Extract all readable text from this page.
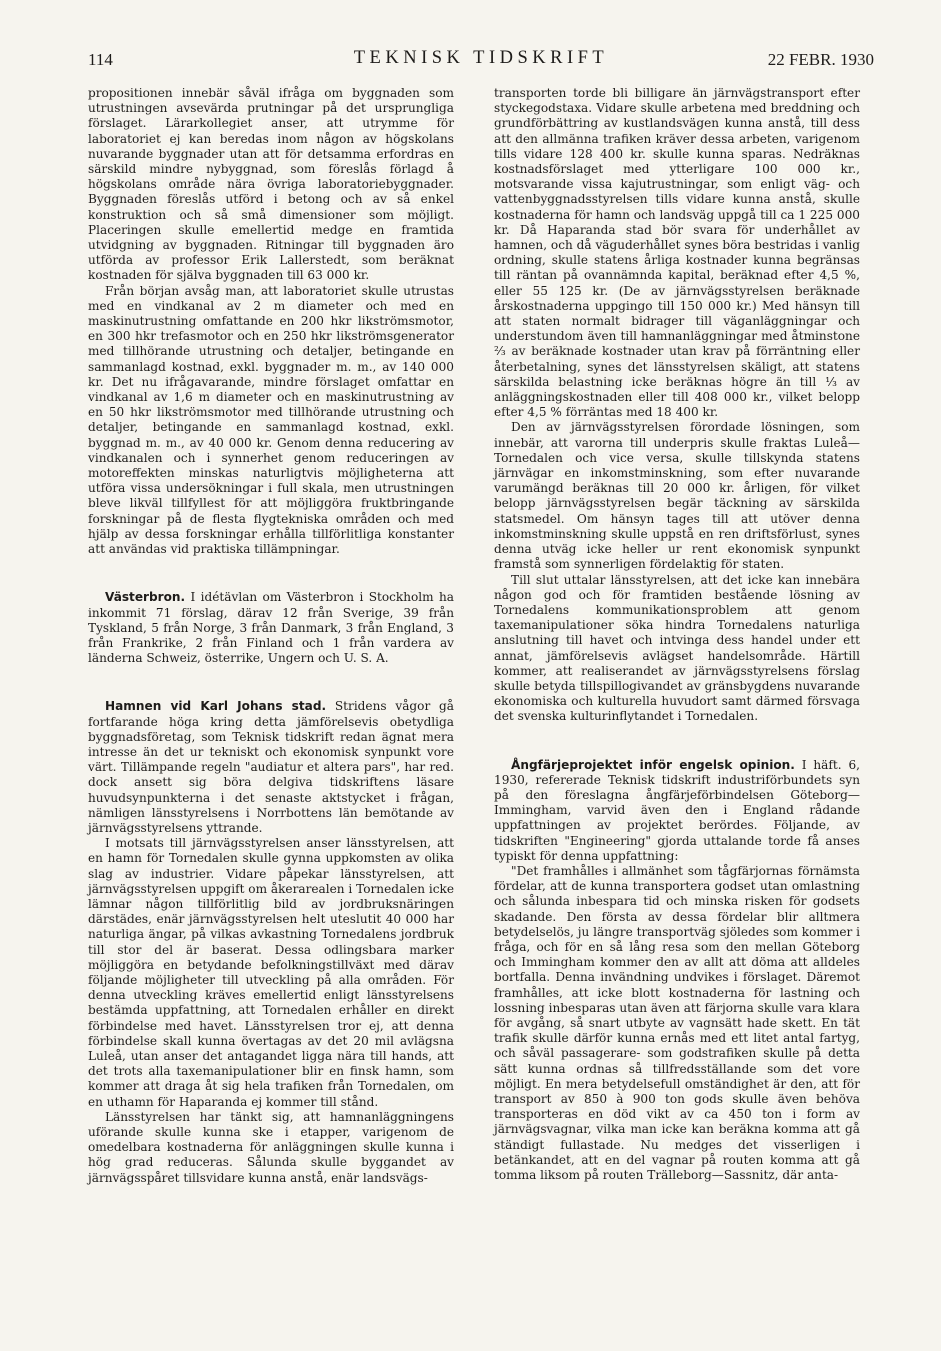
114	TEKNISK TIDSKRIFT	22 FEBR. 1930

propositionen innebär såväl ifråga om byggnaden som utrustningen avsevärda prutningar på det ursprungliga förslaget. Lärarkollegiet anser, att utrymme för laboratoriet ej kan beredas inom någon av högskolans nuvarande byggnader utan att för detsamma erfordras en särskild mindre nybyggnad, som föreslås förlagd å högskolans område nära övriga laboratoriebyggnader. Byggnaden föreslås utförd i betong och av så enkel konstruktion och så små dimensioner som möjligt. Placeringen skulle emellertid medge en framtida utvidgning av byggnaden. Ritningar till byggnaden äro utförda av professor Erik Lallerstedt, som beräknat kostnaden för själva byggnaden till 63 000 kr.

Från början avsåg man, att laboratoriet skulle utrustas med en vindkanal av 2 m diameter och med en maskinutrustning omfattande en 200 hkr likströmsmotor, en 300 hkr trefasmotor och en 250 hkr likströmsgenerator med tillhörande utrustning och detaljer, betingande en sammanlagd kostnad, exkl. byggnader m. m., av 140 000 kr. Det nu ifrågavarande, mindre förslaget omfattar en vindkanal av 1,6 m diameter och en maskinutrustning av en 50 hkr likströmsmotor med tillhörande utrustning och detaljer, betingande en sammanlagd kostnad, exkl. byggnad m. m., av 40 000 kr. Genom denna reducering av vindkanalen och i synnerhet genom reduceringen av motoreffekten minskas naturligtvis möjligheterna att utföra vissa undersökningar i full skala, men utrustningen bleve likväl tillfyllest för att möjliggöra fruktbringande forskningar på de flesta flygtekniska områden och med hjälp av dessa forskningar erhålla tillförlitliga konstanter att användas vid praktiska tillämpningar.

Västerbron. I idétävlan om Västerbron i Stockholm ha inkommit 71 förslag, därav 12 från Sverige, 39 från Tyskland, 5 från Norge, 3 från Danmark, 3 från England, 3 från Frankrike, 2 från Finland och 1 från vardera av länderna Schweiz, österrike, Ungern och U. S. A.

Hamnen vid Karl Johans stad. Stridens vågor gå fortfarande höga kring detta jämförelsevis obetydliga byggnadsföretag, som Teknisk tidskrift redan ägnat mera intresse än det ur tekniskt och ekonomisk synpunkt vore värt. Tillämpande regeln "audiatur et altera pars", har red. dock ansett sig böra delgiva tidskriftens läsare huvudsynpunkterna i det senaste aktstycket i frågan, nämligen länsstyrelsens i Norrbottens län bemötande av järnvägsstyrelsens yttrande.

I motsats till järnvägsstyrelsen anser länsstyrelsen, att en hamn för Tornedalen skulle gynna uppkomsten av olika slag av industrier. Vidare påpekar länsstyrelsen, att järnvägsstyrelsen uppgift om åkerarealen i Tornedalen icke lämnar någon tillförlitlig bild av jordbruksnäringen därstädes, enär järnvägsstyrelsen helt uteslutit 40 000 har naturliga ängar, på vilkas avkastning Tornedalens jordbruk till stor del är baserat. Dessa odlingsbara marker möjliggöra en betydande befolkningstillväxt med därav följande möjligheter till utveckling på alla områden. För denna utveckling kräves emellertid enligt länsstyrelsens bestämda uppfattning, att Tornedalen erhåller en direkt förbindelse med havet. Länsstyrelsen tror ej, att denna förbindelse skall kunna övertagas av det 20 mil avlägsna Luleå, utan anser det antagandet ligga nära till hands, att det trots alla taxemanipulationer blir en finsk hamn, som kommer att draga åt sig hela trafiken från Tornedalen, om en uthamn för Haparanda ej kommer till stånd.

Länsstyrelsen har tänkt sig, att hamnanläggningens uförande skulle kunna ske i etapper, varigenom de omedelbara kostnaderna för anläggningen skulle kunna i hög grad reduceras. Sålunda skulle byggandet av järnvägsspåret tillsvidare kunna anstå, enär landsvägs-

transporten torde bli billigare än järnvägstransport efter styckegodstaxa. Vidare skulle arbetena med breddning och grundförbättring av kustlandsvägen kunna anstå, till dess att den allmänna trafiken kräver dessa arbeten, varigenom tills vidare 128 400 kr. skulle kunna sparas. Nedräknas kostnadsförslaget med ytterligare 100 000 kr., motsvarande vissa kajutrustningar, som enligt väg- och vattenbyggnadsstyrelsen tills vidare kunna anstå, skulle kostnaderna för hamn och landsväg uppgå till ca 1 225 000 kr. Då Haparanda stad bör svara för underhållet av hamnen, och då väguderhållet synes böra bestridas i vanlig ordning, skulle statens årliga kostnader kunna begränsas till räntan på ovannämnda kapital, beräknad efter 4,5 %, eller 55 125 kr. (De av järnvägsstyrelsen beräknade årskostnaderna uppgingo till 150 000 kr.) Med hänsyn till att staten normalt bidrager till väganläggningar och understundom även till hamnanläggningar med åtminstone ⅔ av beräknade kostnader utan krav på förräntning eller återbetalning, synes det länsstyrelsen skäligt, att statens särskilda belastning icke beräknas högre än till ⅓ av anläggningskostnaden eller till 408 000 kr., vilket belopp efter 4,5 % förräntas med 18 400 kr.

Den av järnvägsstyrelsen förordade lösningen, som innebär, att varorna till underpris skulle fraktas Luleå—Tornedalen och vice versa, skulle tillskynda statens järnvägar en inkomstminskning, som efter nuvarande varumängd beräknas till 20 000 kr. årligen, för vilket belopp järnvägsstyrelsen begär täckning av särskilda statsmedel. Om hänsyn tages till att utöver denna inkomstminskning skulle uppstå en ren driftsförlust, synes denna utväg icke heller ur rent ekonomisk synpunkt framstå som synnerligen fördelaktig för staten.

Till slut uttalar länsstyrelsen, att det icke kan innebära någon god och för framtiden bestående lösning av Tornedalens kommunikationsproblem att genom taxemanipulationer söka hindra Tornedalens naturliga anslutning till havet och intvinga dess handel under ett annat, jämförelsevis avlägset handelsområde. Härtill kommer, att realiserandet av järnvägsstyrelsens förslag skulle betyda tillspillogivandet av gränsbygdens nuvarande ekonomiska och kulturella huvudort samt därmed försvaga det svenska kulturinflytandet i Tornedalen.

Ångfärjeprojektet inför engelsk opinion. I häft. 6, 1930, refererade Teknisk tidskrift industriförbundets syn på den föreslagna ångfärjeförbindelsen Göteborg—Immingham, varvid även den i England rådande uppfattningen av projektet berördes. Följande, av tidskriften "Engineering" gjorda uttalande torde få anses typiskt för denna uppfattning:

"Det framhålles i allmänhet som tågfärjornas förnämsta fördelar, att de kunna transportera godset utan omlastning och sålunda inbespara tid och minska risken för godsets skadande. Den första av dessa fördelar blir alltmera betydelselös, ju längre transportväg sjöledes som kommer i fråga, och för en så lång resa som den mellan Göteborg och Immingham kommer den av allt att döma att alldeles bortfalla. Denna invändning undvikes i förslaget. Däremot framhålles, att icke blott kostnaderna för lastning och lossning inbesparas utan även att färjorna skulle vara klara för avgång, så snart utbyte av vagnsätt hade skett. En tät trafik skulle därför kunna ernås med ett litet antal fartyg, och såväl passagerare- som godstrafiken skulle på detta sätt kunna ordnas så tillfredsställande som det vore möjligt. En mera betydelsefull omständighet är den, att för transport av 850 à 900 ton gods skulle även behöva transporteras en död vikt av ca 450 ton i form av järnvägsvagnar, vilka man icke kan beräkna komma att gå ständigt fullastade. Nu medges det visserligen i betänkandet, att en del vagnar på routen komma att gå tomma liksom på routen Trälleborg—Sassnitz, där anta-
